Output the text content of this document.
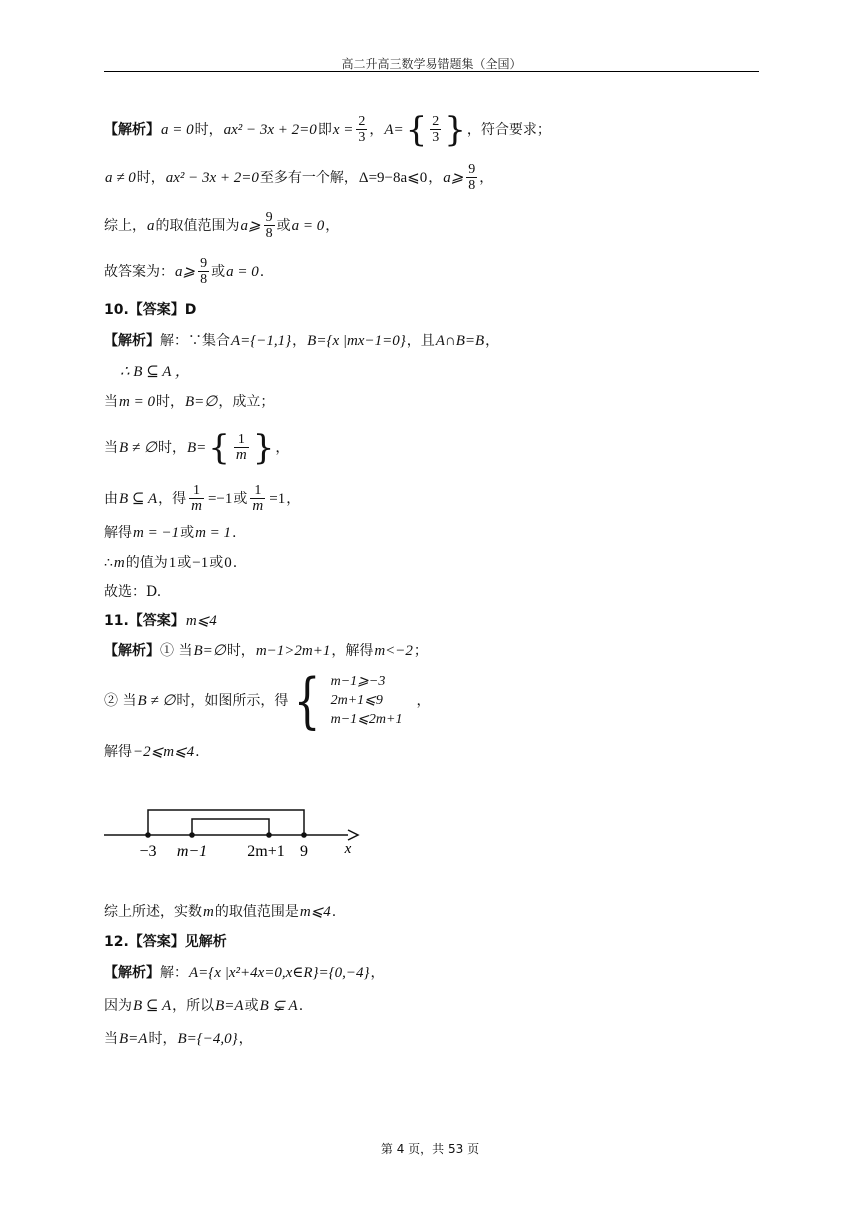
高二升高三数学易错题集（全国）
【解析】 a = 0 时， ax² − 3x + 2=0 即 $x = \frac{2}{3}$ ， A= { $\frac{2}{3}$ } ，符合要求；
a ≠ 0 时， ax² − 3x + 2=0 至多有一个解， Δ=9−8a⩽0 ， a⩾ $\frac{9}{8}$ ，
综上， a 的取值范围为 a⩾ $\frac{9}{8}$ 或 a = 0 ，
故答案为： a⩾ $\frac{9}{8}$ 或 a = 0 .
10.【答案】D
【解析】 解：∵集合 A={−1,1} ， B={x |mx−1=0} ，且 A∩B=B ，
∴ B ⊆ A ，
当 m = 0 时， B=∅ ，成立；
当 B ≠ ∅ 时， B= { $\frac{1}{m}$ } ，
由 B ⊆ A ，得 $\frac{1}{m} =-1$ 或 $\frac{1}{m} =1$ ，
解得 m = −1 或 m = 1 .
∴ m 的值为 1 或 −1 或 0 .
故选：D.
11.【答案】 m⩽4
【解析】 ① 当 B=∅ 时， m−1>2m+1 ，解得 m<−2 ；
② 当 B ≠ ∅ 时，如图所示，得 { m−1⩾−3
2m+1⩽9
m−1⩽2m+1
，
解得 −2⩽m⩽4 .
−3 m−1	2m+1 9 x
综上所述，实数 m 的取值范围是 m⩽4 .
12.【答案】见解析
【解析】 解： A={x |x²+4x=0,x∈R}={0,−4} ，
因为 B ⊆ A ，所以 B=A 或 B ⊊ A .
当 B=A 时， B={−4,0} ，
第 4 页，共 53 页
